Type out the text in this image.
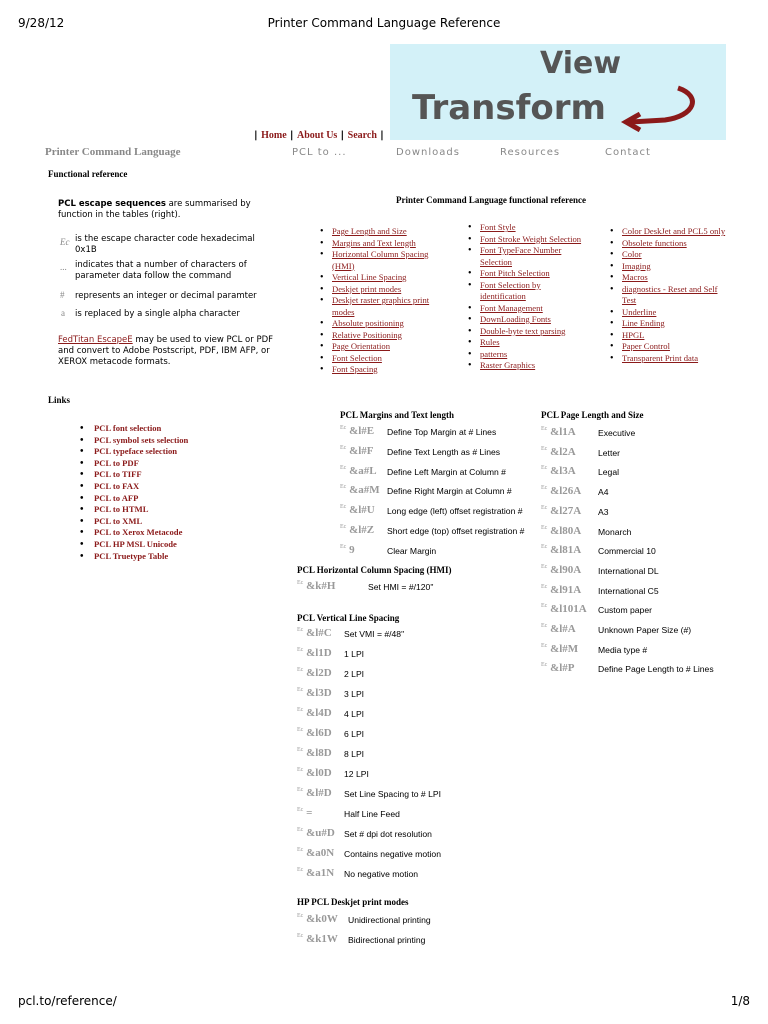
9/28/12	Printer Command Language Reference
View
Transform
| Home | About Us | Search |
Printer Command Language	PCL to ...	Downloads	Resources	Contact
Functional reference
PCL escape sequences are summarised by function in the tables (right).
Ec is the escape character code hexadecimal 0x1B
... indicates that a number of characters of parameter data follow the command
# represents an integer or decimal paramter
a is replaced by a single alpha character
FedTitan EscapeE may be used to view PCL or PDF and convert to Adobe Postscript, PDF, IBM AFP, or XEROX metacode formats.
Printer Command Language functional reference
• Page Length and Size
• Margins and Text length
• Horizontal Column Spacing (HMI)
• Vertical Line Spacing
• Deskjet print modes
• Deskjet raster graphics print modes
• Absolute positioning
• Relative Positioning
• Page Orientation
• Font Selection
• Font Spacing
• Font Style
• Font Stroke Weight Selection
• Font TypeFace Number Selection
• Font Pitch Selection
• Font Selection by identification
• Font Management
• DownLoading Fonts
• Double-byte text parsing
• Rules
• patterns
• Raster Graphics
• Color DeskJet and PCL5 only
• Obsolete functions
• Color
• Imaging
• Macros
• diagnostics - Reset and Self Test
• Underline
• Line Ending
• HPGL
• Paper Control
• Transparent Print data
Links
• PCL font selection
• PCL symbol sets selection
• PCL typeface selection
• PCL to PDF
• PCL to TIFF
• PCL to FAX
• PCL to AFP
• PCL to HTML
• PCL to XML
• PCL to Xerox Metacode
• PCL HP MSL Unicode
• PCL Truetype Table
PCL Margins and Text length
$^{Ec}$ &l#E Define Top Margin at # Lines
$^{Ec}$ &l#F Define Text Length as # Lines
$^{Ec}$ &a#L Define Left Margin at Column #
$^{Ec}$ &a#M Define Right Margin at Column #
$^{Ec}$ &l#U Long edge (left) offset registration #
$^{Ec}$ &l#Z Short edge (top) offset registration #
$^{Ec}$ 9	Clear Margin
PCL Horizontal Column Spacing (HMI)
$^{Ec}$ &k#H	Set HMI = #/120"
PCL Vertical Line Spacing
$^{Ec}$ &l#C Set VMI = #/48"
$^{Ec}$ &l1D 1 LPI
$^{Ec}$ &l2D 2 LPI
$^{Ec}$ &l3D 3 LPI
$^{Ec}$ &l4D 4 LPI
$^{Ec}$ &l6D 6 LPI
$^{Ec}$ &l8D 8 LPI
$^{Ec}$ &l0D 12 LPI
$^{Ec}$ &l#D Set Line Spacing to # LPI
$^{Ec}$ =	Half Line Feed
$^{Ec}$ &u#D Set # dpi dot resolution
$^{Ec}$ &a0N Contains negative motion
$^{Ec}$ &a1N No negative motion
HP PCL Deskjet print modes
$^{Ec}$ &k0W Unidirectional printing
$^{Ec}$ &k1W Bidirectional printing
PCL Page Length and Size
$^{Ec}$ &l1A	Executive
$^{Ec}$ &l2A	Letter
$^{Ec}$ &l3A	Legal
$^{Ec}$ &l26A A4
$^{Ec}$ &l27A A3
$^{Ec}$ &l80A Monarch
$^{Ec}$ &l81A Commercial 10
$^{Ec}$ &l90A International DL
$^{Ec}$ &l91A International C5
$^{Ec}$ &l101A Custom paper
$^{Ec}$ &l#A	Unknown Paper Size (#)
$^{Ec}$ &l#M Media type #
$^{Ec}$ &l#P	Define Page Length to # Lines
pcl.to/reference/	1/8
